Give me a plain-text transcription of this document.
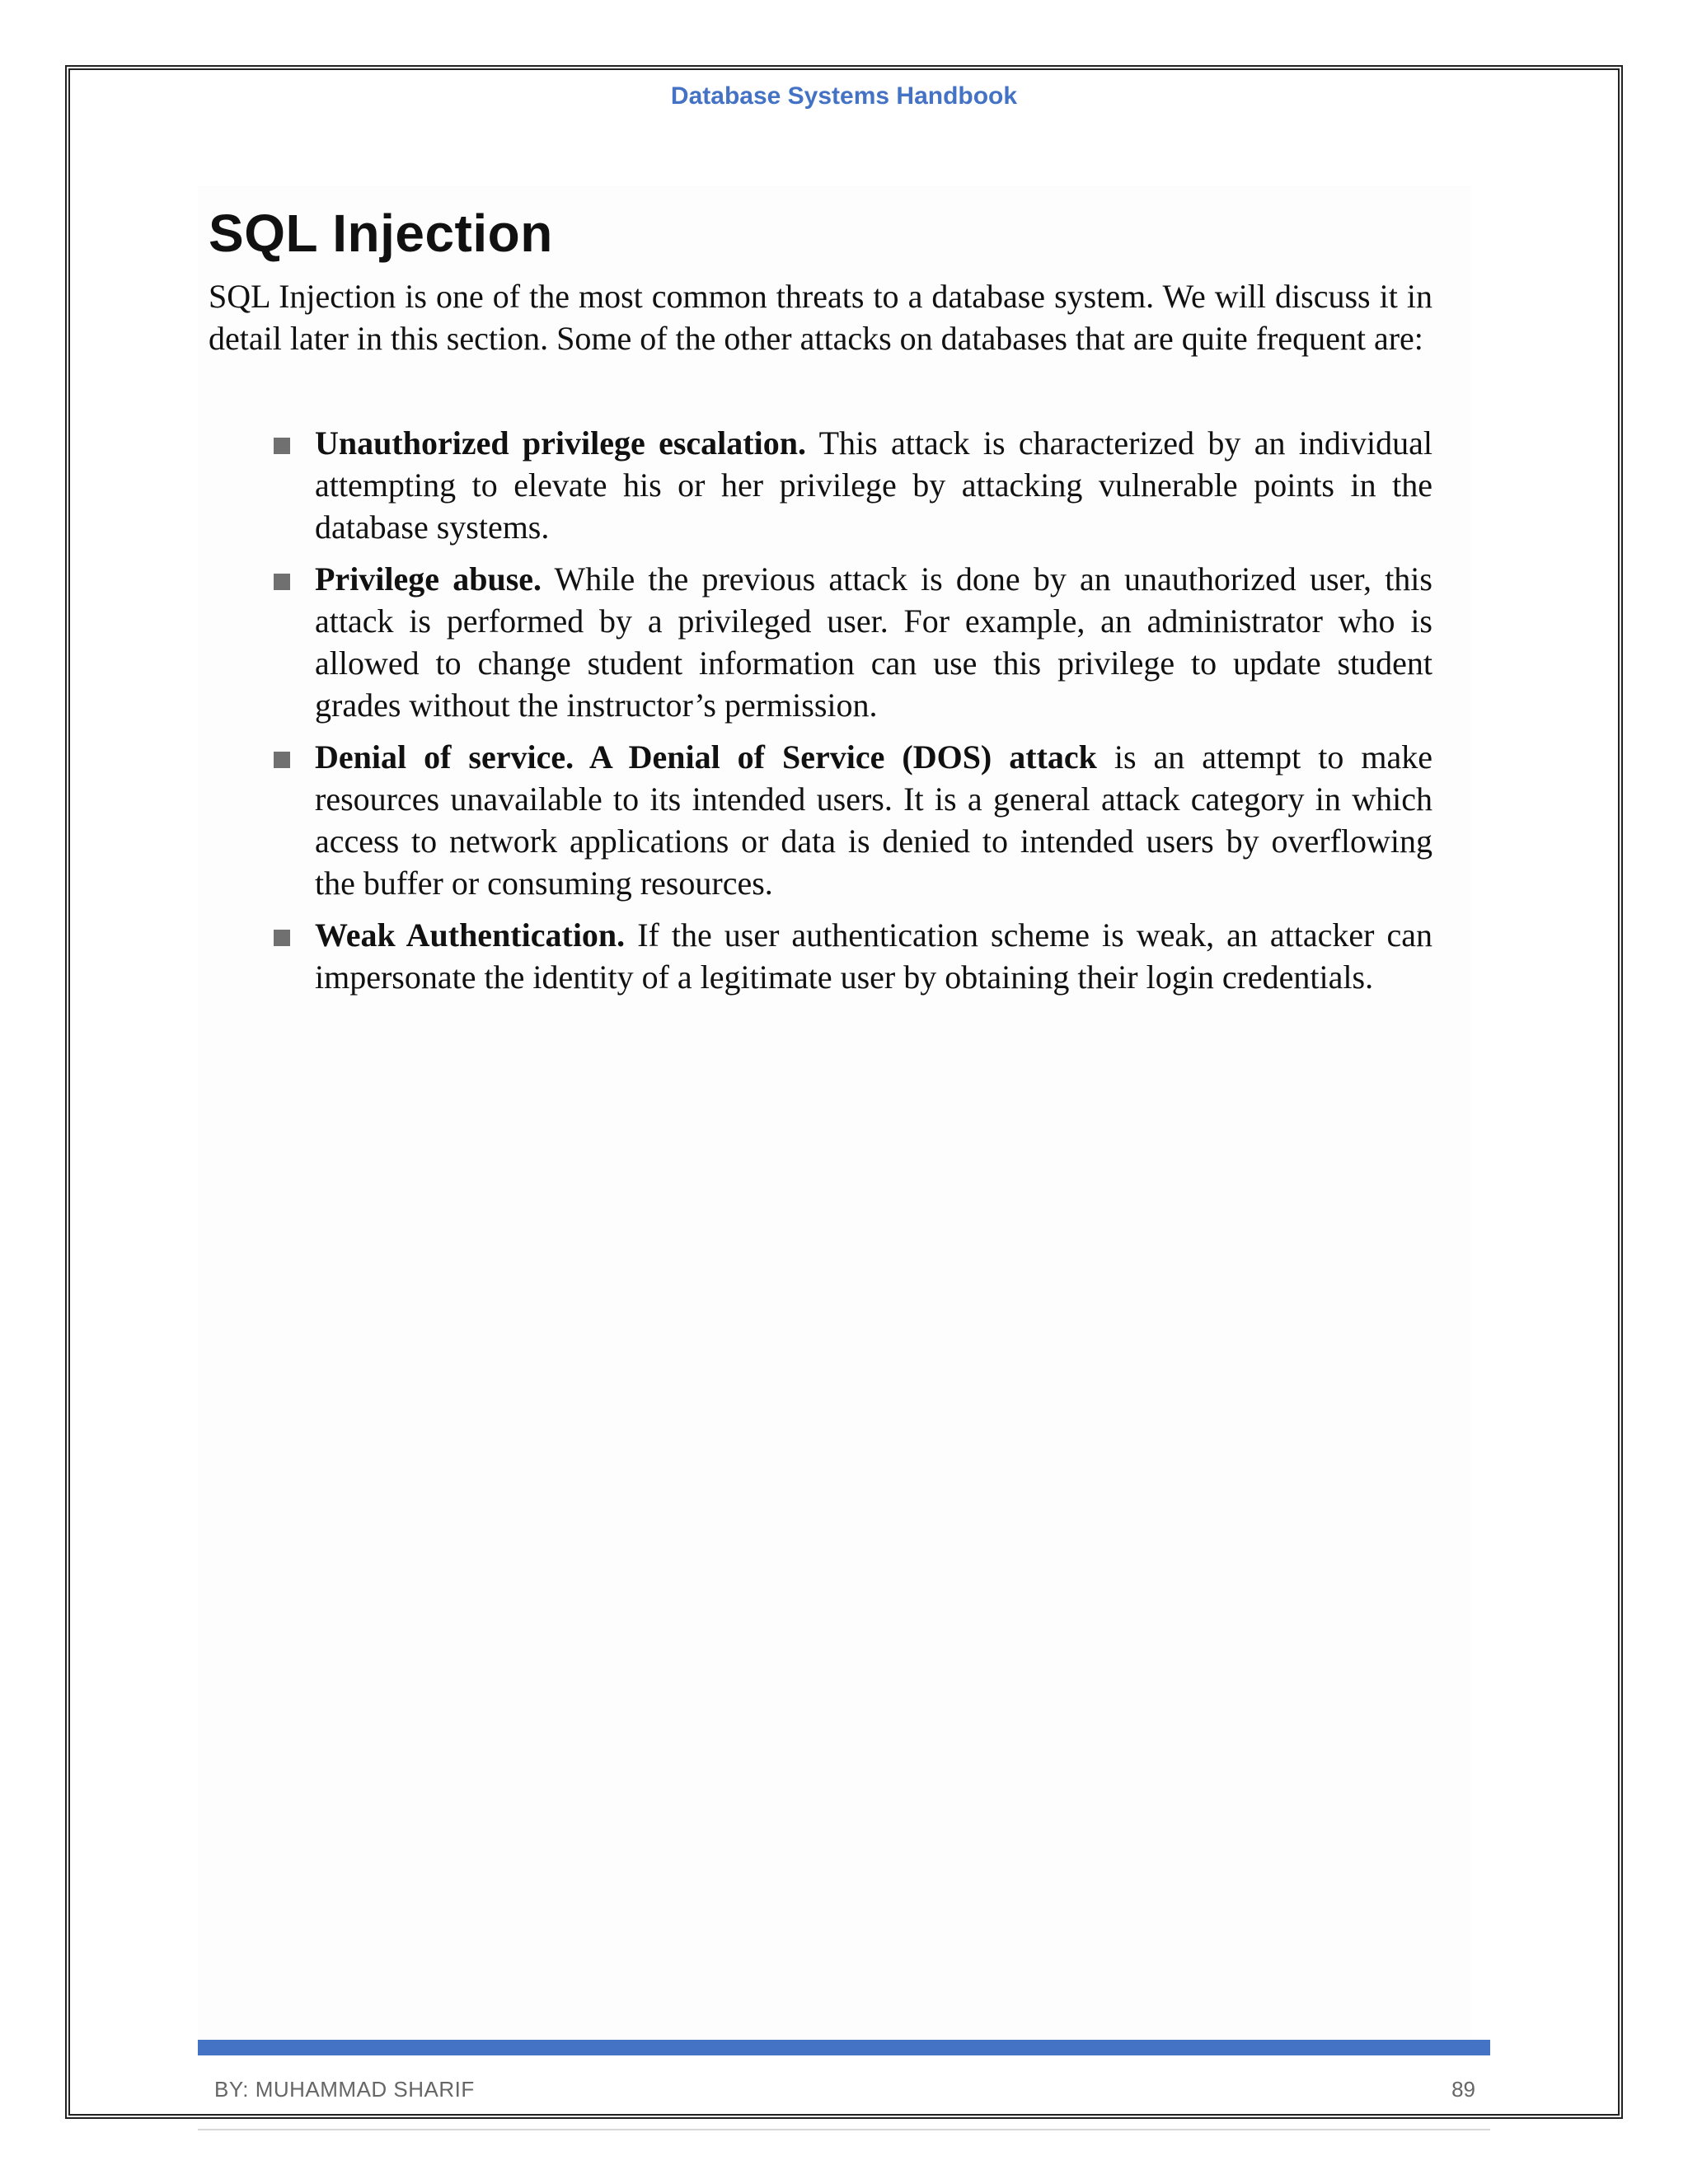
Database Systems Handbook
SQL Injection

SQL Injection is one of the most common threats to a database system. We will discuss it in detail later in this section. Some of the other attacks on databases that are quite frequent are:

Unauthorized privilege escalation. This attack is characterized by an individual attempting to elevate his or her privilege by attacking vulnerable points in the database systems.
Privilege abuse. While the previous attack is done by an unauthorized user, this attack is performed by a privileged user. For example, an administrator who is allowed to change student information can use this privilege to update student grades without the instructor’s permission.
Denial of service. A Denial of Service (DOS) attack is an attempt to make resources unavailable to its intended users. It is a general attack category in which access to network applications or data is denied to intended users by overflowing the buffer or consuming resources.
Weak Authentication. If the user authentication scheme is weak, an attacker can impersonate the identity of a legitimate user by obtaining their login credentials.
BY: MUHAMMAD SHARIF	89
